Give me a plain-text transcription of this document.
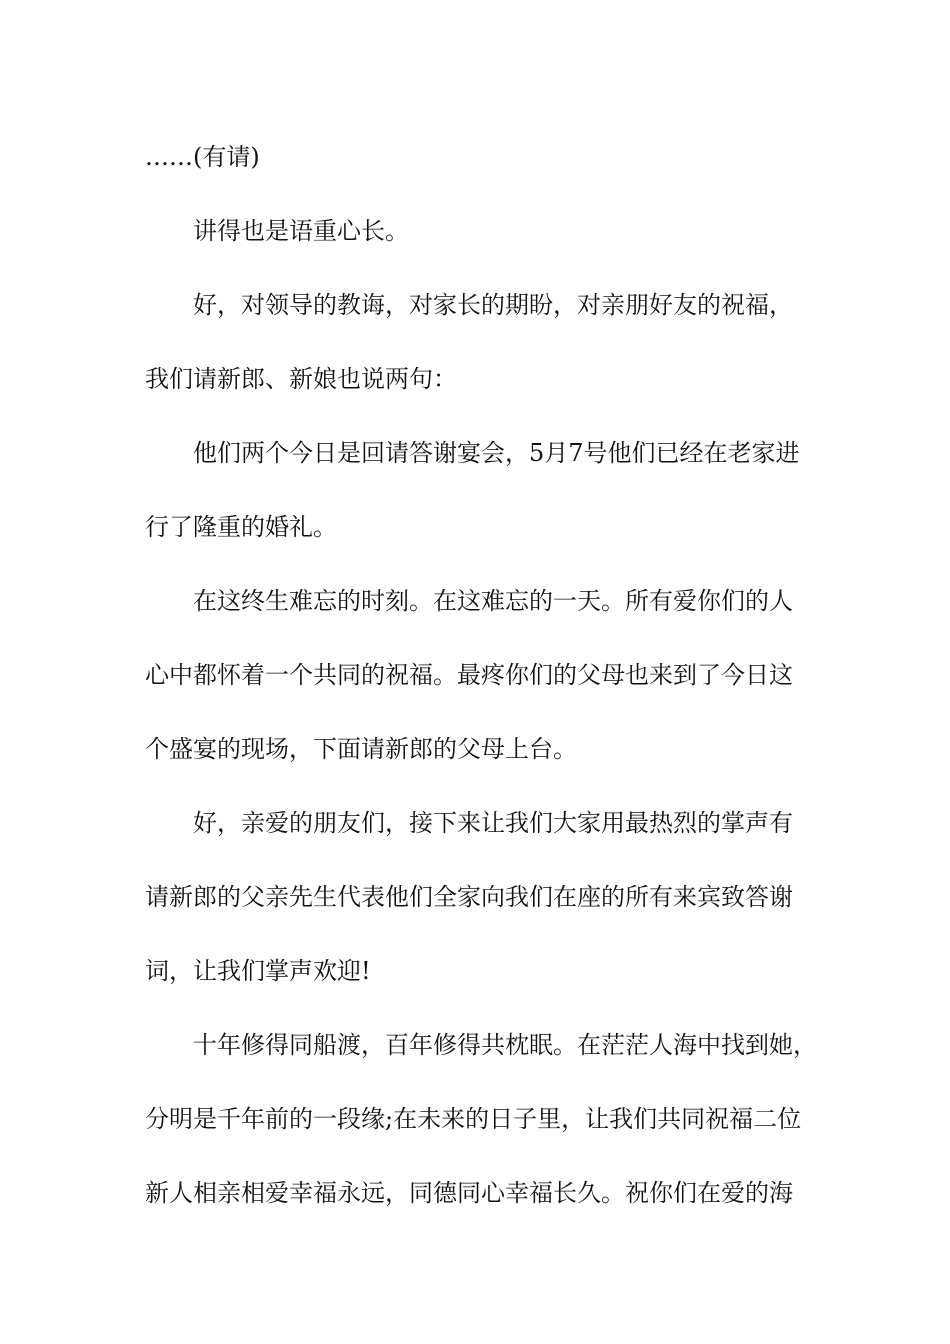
……(有请)
讲得也是语重心长。
好，对领导的教诲，对家长的期盼，对亲朋好友的祝福，
我们请新郎、新娘也说两句：
他们两个今日是回请答谢宴会，5月7号他们已经在老家进
行了隆重的婚礼。
在这终生难忘的时刻。在这难忘的一天。所有爱你们的人
心中都怀着一个共同的祝福。最疼你们的父母也来到了今日这
个盛宴的现场，下面请新郎的父母上台。
好，亲爱的朋友们，接下来让我们大家用最热烈的掌声有
请新郎的父亲先生代表他们全家向我们在座的所有来宾致答谢
词，让我们掌声欢迎!
十年修得同船渡，百年修得共枕眠。在茫茫人海中找到她，
分明是千年前的一段缘;在未来的日子里，让我们共同祝福二位
新人相亲相爱幸福永远，同德同心幸福长久。祝你们在爱的海
